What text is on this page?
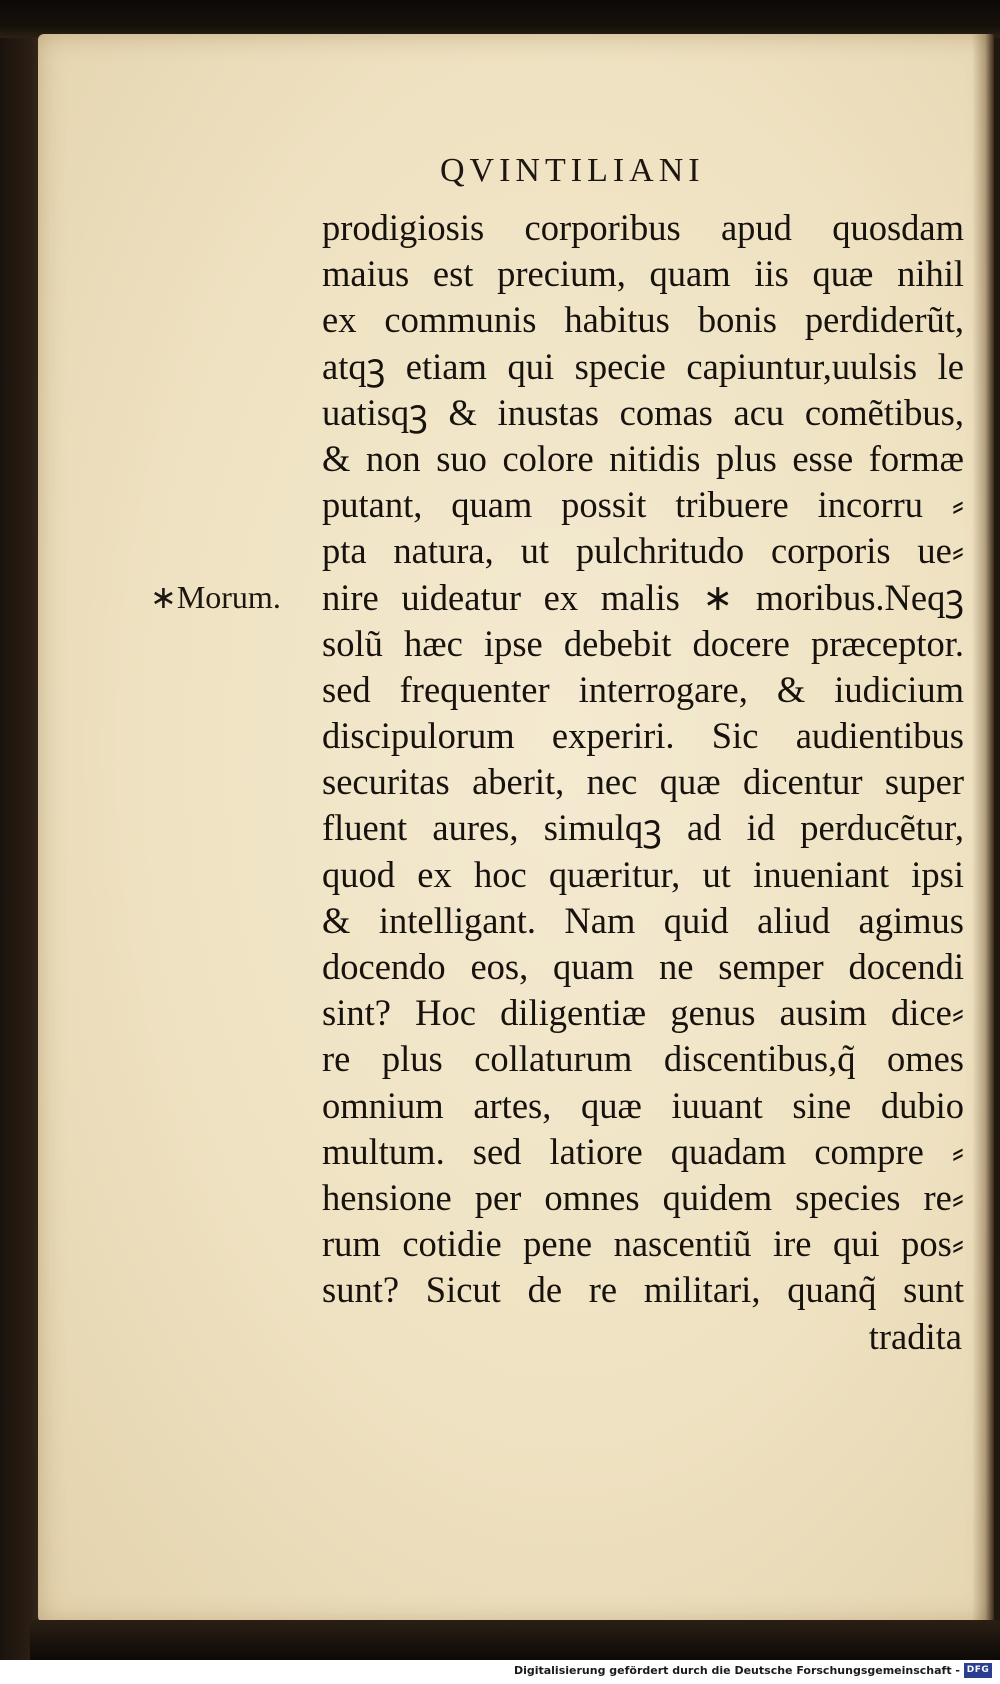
QVINTILIANI
∗Morum.
prodigiosis corporibus apud quosdam
maius est precium, quam iis quæ nihil
ex communis habitus bonis perdiderũt,
atqꝫ etiam qui specie capiuntur,uulsis le
uatisqꝫ & inustas comas acu comẽtibus,
& non suo colore nitidis plus esse formæ
putant, quam possit tribuere incorru ⸗
pta natura, ut pulchritudo corporis ue⸗
nire uideatur ex malis ∗ moribus.Neqꝫ
solũ hæc ipse debebit docere præceptor.
sed frequenter interrogare, & iudicium
discipulorum experiri. Sic audientibus
securitas aberit, nec quæ dicentur super
fluent aures, simulqꝫ ad id perducẽtur,
quod ex hoc quæritur, ut inueniant ipsi
& intelligant. Nam quid aliud agimus
docendo eos, quam ne semper docendi
sint? Hoc diligentiæ genus ausim dice⸗
re plus collaturum discentibus,q̃ omes
omnium artes, quæ iuuant sine dubio
multum. sed latiore quadam compre ⸗
hensione per omnes quidem species re⸗
rum cotidie pene nascentiũ ire qui pos⸗
sunt? Sicut de re militari, quanq̃ sunt
tradita
Digitalisierung gefördert durch die Deutsche Forschungsgemeinschaft - DFG
